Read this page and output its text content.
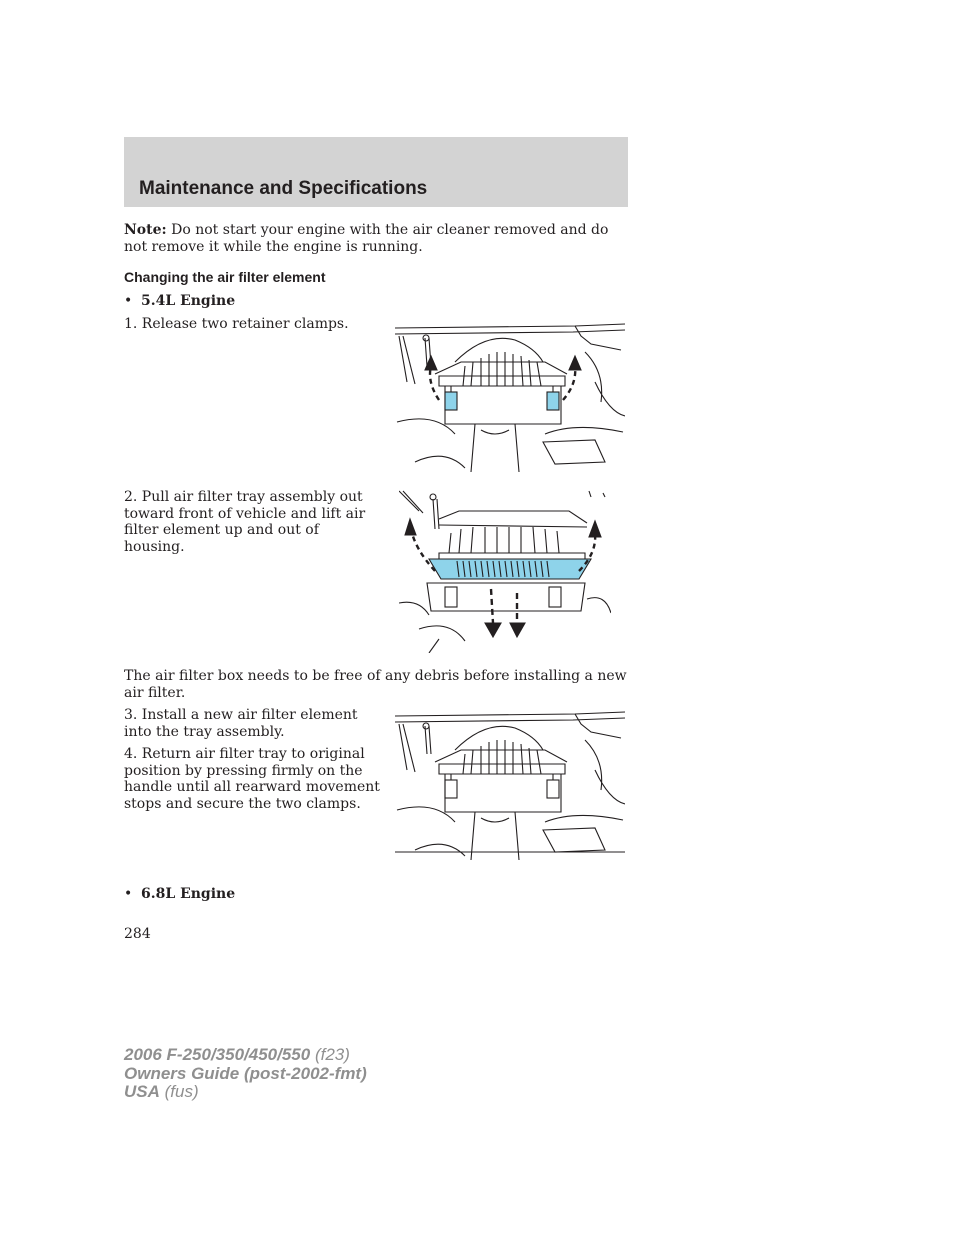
Maintenance and Specifications

Note: Do not start your engine with the air cleaner removed and do not remove it while the engine is running.

Changing the air filter element
• 5.4L Engine

1. Release two retainer clamps.

2. Pull air filter tray assembly out toward front of vehicle and lift air filter element up and out of housing.

The air filter box needs to be free of any debris before installing a new air filter.

3. Install a new air filter element into the tray assembly.

4. Return air filter tray to original position by pressing firmly on the handle until all rearward movement stops and secure the two clamps.

• 6.8L Engine
284
2006 F-250/350/450/550 (f23)
Owners Guide (post-2002-fmt)
USA (fus)
